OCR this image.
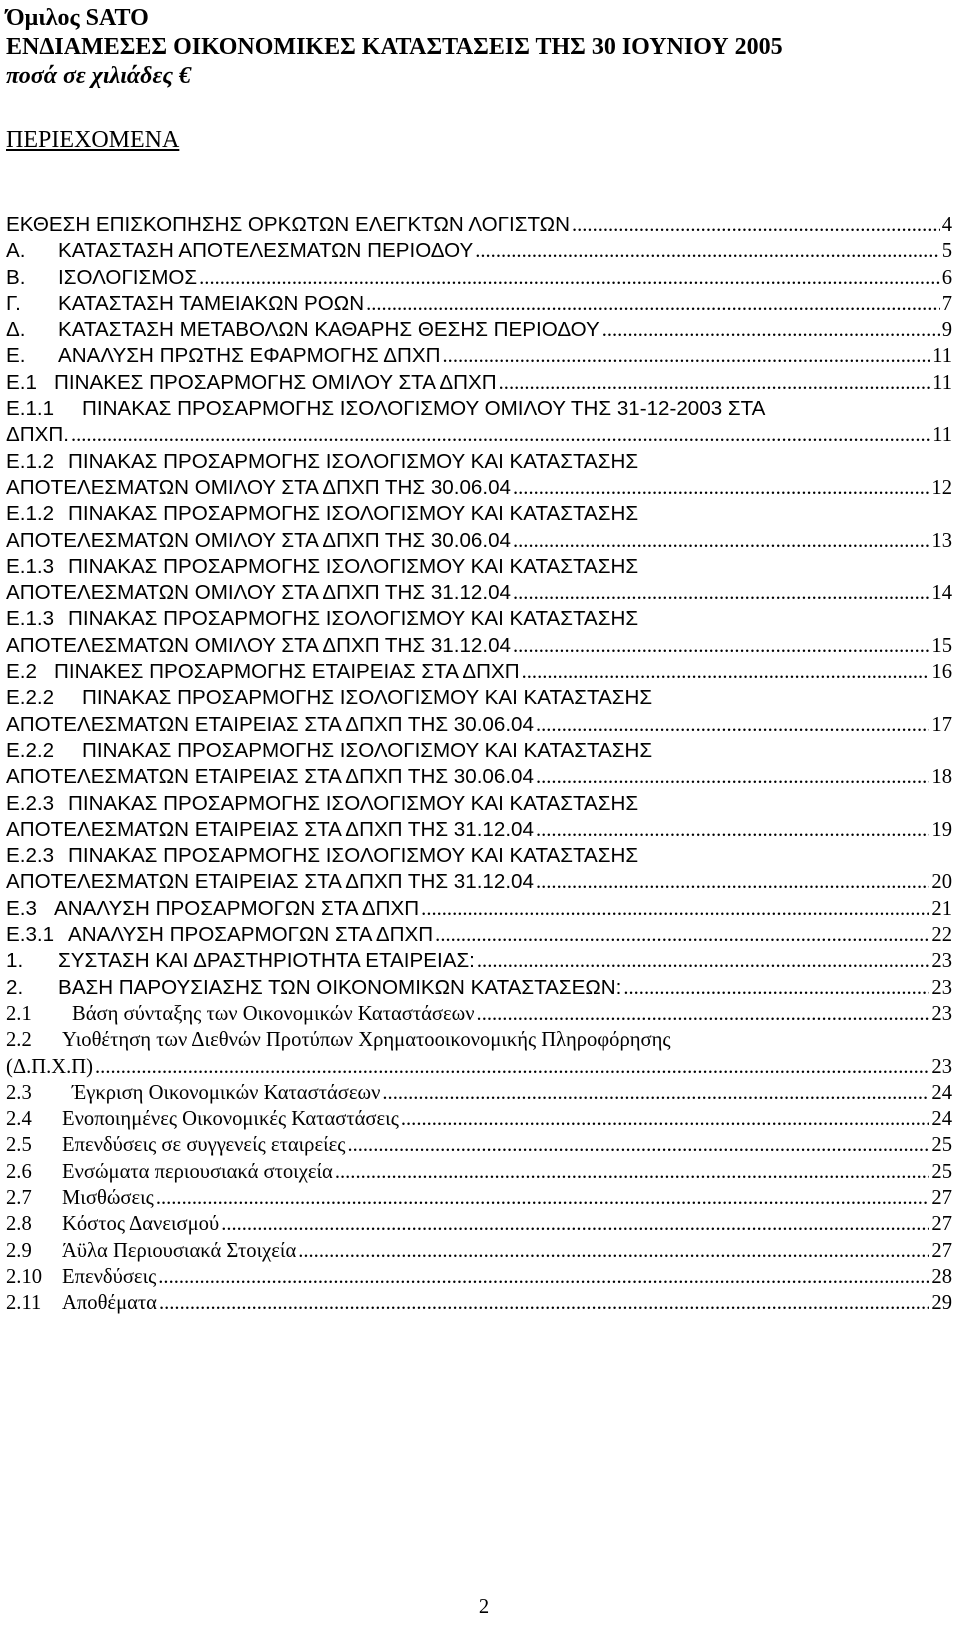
Όμιλος SATO
ΕΝΔΙΑΜΕΣΕΣ ΟΙΚΟΝΟΜΙΚΕΣ ΚΑΤΑΣΤΑΣΕΙΣ ΤΗΣ 30 ΙΟΥΝΙΟΥ 2005
ποσά σε χιλιάδες €
ΠΕΡΙΕΧΟΜΕΝΑ
ΕΚΘΕΣΗ ΕΠΙΣΚΟΠΗΣΗΣ ΟΡΚΩΤΩΝ ΕΛΕΓΚΤΩΝ ΛΟΓΙΣΤΩΝ .....	4
Α.	ΚΑΤΑΣΤΑΣΗ ΑΠΟΤΕΛΕΣΜΑΤΩΝ ΠΕΡΙΟΔΟΥ .....	5
Β.	ΙΣΟΛΟΓΙΣΜΟΣ .....	6
Γ.	ΚΑΤΑΣΤΑΣΗ ΤΑΜΕΙΑΚΩΝ ΡΟΩΝ .....	7
Δ.	ΚΑΤΑΣΤΑΣΗ ΜΕΤΑΒΟΛΩΝ ΚΑΘΑΡΗΣ ΘΕΣΗΣ ΠΕΡΙΟΔΟΥ .....	9
Ε.	ΑΝΑΛΥΣΗ ΠΡΩΤΗΣ ΕΦΑΡΜΟΓΗΣ ΔΠΧΠ .....	11
Ε.1 ΠΙΝΑΚΕΣ ΠΡΟΣΑΡΜΟΓΗΣ ΟΜΙΛΟΥ ΣΤΑ ΔΠΧΠ .....	11
Ε.1.1	ΠΙΝΑΚΑΣ ΠΡΟΣΑΡΜΟΓΗΣ ΙΣΟΛΟΓΙΣΜΟΥ ΟΜΙΛΟΥ ΤΗΣ 31-12-2003 ΣΤΑ
ΔΠΧΠ. .....	11
Ε.1.2 ΠΙΝΑΚΑΣ ΠΡΟΣΑΡΜΟΓΗΣ ΙΣΟΛΟΓΙΣΜΟΥ ΚΑΙ ΚΑΤΑΣΤΑΣΗΣ
ΑΠΟΤΕΛΕΣΜΑΤΩΝ ΟΜΙΛΟΥ ΣΤΑ ΔΠΧΠ ΤΗΣ 30.06.04 .....	12
Ε.1.2 ΠΙΝΑΚΑΣ ΠΡΟΣΑΡΜΟΓΗΣ ΙΣΟΛΟΓΙΣΜΟΥ ΚΑΙ ΚΑΤΑΣΤΑΣΗΣ
ΑΠΟΤΕΛΕΣΜΑΤΩΝ ΟΜΙΛΟΥ ΣΤΑ ΔΠΧΠ ΤΗΣ 30.06.04 .....	13
Ε.1.3 ΠΙΝΑΚΑΣ ΠΡΟΣΑΡΜΟΓΗΣ ΙΣΟΛΟΓΙΣΜΟΥ ΚΑΙ ΚΑΤΑΣΤΑΣΗΣ
ΑΠΟΤΕΛΕΣΜΑΤΩΝ ΟΜΙΛΟΥ ΣΤΑ ΔΠΧΠ ΤΗΣ 31.12.04 .....	14
Ε.1.3 ΠΙΝΑΚΑΣ ΠΡΟΣΑΡΜΟΓΗΣ ΙΣΟΛΟΓΙΣΜΟΥ ΚΑΙ ΚΑΤΑΣΤΑΣΗΣ
ΑΠΟΤΕΛΕΣΜΑΤΩΝ ΟΜΙΛΟΥ ΣΤΑ ΔΠΧΠ ΤΗΣ 31.12.04 .....	15
Ε.2 ΠΙΝΑΚΕΣ ΠΡΟΣΑΡΜΟΓΗΣ ΕΤΑΙΡΕΙΑΣ ΣΤΑ ΔΠΧΠ .....	16
Ε.2.2	ΠΙΝΑΚΑΣ ΠΡΟΣΑΡΜΟΓΗΣ ΙΣΟΛΟΓΙΣΜΟΥ ΚΑΙ ΚΑΤΑΣΤΑΣΗΣ
ΑΠΟΤΕΛΕΣΜΑΤΩΝ ΕΤΑΙΡΕΙΑΣ ΣΤΑ ΔΠΧΠ ΤΗΣ 30.06.04 .....	17
Ε.2.2	ΠΙΝΑΚΑΣ ΠΡΟΣΑΡΜΟΓΗΣ ΙΣΟΛΟΓΙΣΜΟΥ ΚΑΙ ΚΑΤΑΣΤΑΣΗΣ
ΑΠΟΤΕΛΕΣΜΑΤΩΝ ΕΤΑΙΡΕΙΑΣ ΣΤΑ ΔΠΧΠ ΤΗΣ 30.06.04 .....	18
Ε.2.3 ΠΙΝΑΚΑΣ ΠΡΟΣΑΡΜΟΓΗΣ ΙΣΟΛΟΓΙΣΜΟΥ ΚΑΙ ΚΑΤΑΣΤΑΣΗΣ
ΑΠΟΤΕΛΕΣΜΑΤΩΝ ΕΤΑΙΡΕΙΑΣ ΣΤΑ ΔΠΧΠ ΤΗΣ 31.12.04 .....	19
Ε.2.3 ΠΙΝΑΚΑΣ ΠΡΟΣΑΡΜΟΓΗΣ ΙΣΟΛΟΓΙΣΜΟΥ ΚΑΙ ΚΑΤΑΣΤΑΣΗΣ
ΑΠΟΤΕΛΕΣΜΑΤΩΝ ΕΤΑΙΡΕΙΑΣ ΣΤΑ ΔΠΧΠ ΤΗΣ 31.12.04 .....	20
Ε.3 ΑΝΑΛΥΣΗ ΠΡΟΣΑΡΜΟΓΩΝ ΣΤΑ ΔΠΧΠ .....	21
Ε.3.1 ΑΝΑΛΥΣΗ ΠΡΟΣΑΡΜΟΓΩΝ ΣΤΑ ΔΠΧΠ .....	22
1.	ΣΥΣΤΑΣΗ ΚΑΙ ΔΡΑΣΤΗΡΙΟΤΗΤΑ ΕΤΑΙΡΕΙΑΣ: .....	23
2.	ΒΑΣΗ ΠΑΡΟΥΣΙΑΣΗΣ ΤΩΝ ΟΙΚΟΝΟΜΙΚΩΝ ΚΑΤΑΣΤΑΣΕΩΝ: .....	23
2.1	Βάση σύνταξης των Οικονομικών Καταστάσεων .....	23
2.2	Υιοθέτηση των Διεθνών Προτύπων Χρηματοοικονομικής Πληροφόρησης
(Δ.Π.Χ.Π) .....	23
2.3	Έγκριση Οικονομικών Καταστάσεων .....	24
2.4	Ενοποιημένες Οικονομικές Καταστάσεις .....	24
2.5	Επενδύσεις σε συγγενείς εταιρείες .....	25
2.6	Ενσώματα περιουσιακά στοιχεία .....	25
2.7	Μισθώσεις .....	27
2.8	Κόστος Δανεισμού .....	27
2.9	Άϋλα Περιουσιακά Στοιχεία .....	27
2.10 Επενδύσεις .....	28
2.11	Αποθέματα .....	29
2
